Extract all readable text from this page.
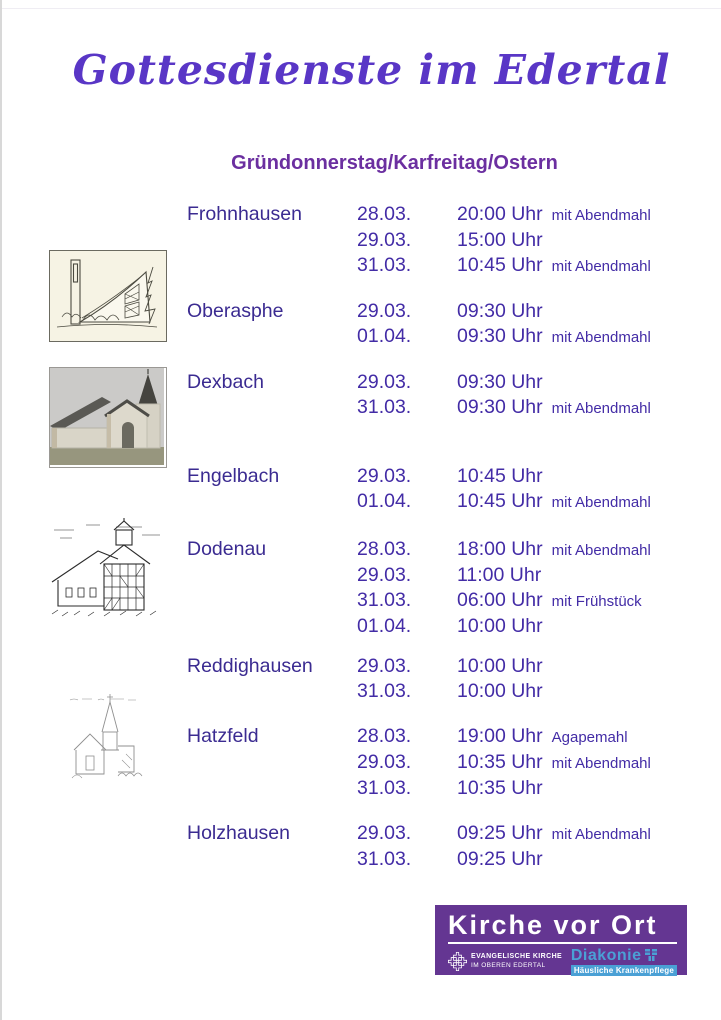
Gottesdienste im Edertal
Gründonnerstag/Karfreitag/Ostern
Frohnhausen	28.03.	20:00 Uhr mit Abendmahl
29.03.	15:00 Uhr
31.03.	10:45 Uhr mit Abendmahl
Oberasphe	29.03.	09:30 Uhr
01.04.	09:30 Uhr mit Abendmahl
Dexbach	29.03.	09:30 Uhr
31.03.	09:30 Uhr mit Abendmahl
Engelbach	29.03.	10:45 Uhr
01.04.	10:45 Uhr mit Abendmahl
Dodenau	28.03.	18:00 Uhr mit Abendmahl
29.03.	11:00 Uhr
31.03.	06:00 Uhr mit Frühstück
01.04.	10:00 Uhr
Reddighausen	29.03.	10:00 Uhr
31.03.	10:00 Uhr
Hatzfeld	28.03.	19:00 Uhr Agapemahl
29.03.	10:35 Uhr mit Abendmahl
31.03.	10:35 Uhr
Holzhausen	29.03.	09:25 Uhr mit Abendmahl
31.03.	09:25 Uhr
Kirche vor Ort
EVANGELISCHE KIRCHE
IM OBEREN EDERTAL
Diakonie
Häusliche Krankenpflege
